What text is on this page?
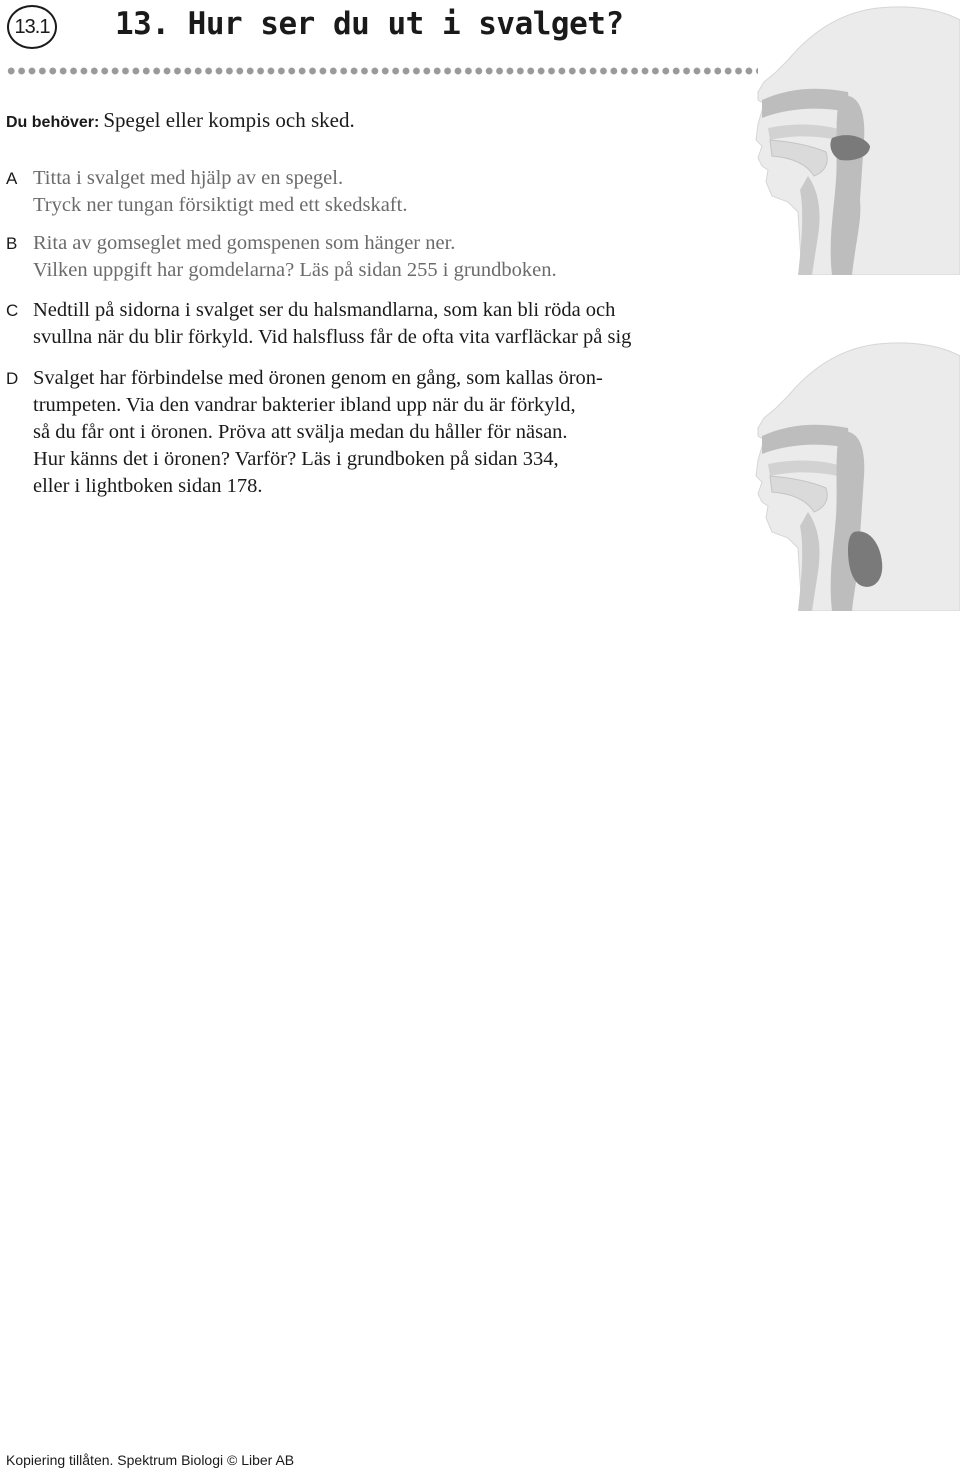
13.1 13. Hur ser du ut i svalget?
Du behöver: Spegel eller kompis och sked.
A Titta i svalget med hjälp av en spegel.
Tryck ner tungan försiktigt med ett skedskaft.
B Rita av gomseglet med gomspenen som hänger ner.
Vilken uppgift har gomdelarna? Läs på sidan 255 i grundboken.
C Nedtill på sidorna i svalget ser du halsmandlarna, som kan bli röda och
svullna när du blir förkyld. Vid halsfluss får de ofta vita varfläckar på sig
D Svalget har förbindelse med öronen genom en gång, som kallas öron-
trumpeten. Via den vandrar bakterier ibland upp när du är förkyld,
så du får ont i öronen. Pröva att svälja medan du håller för näsan.
Hur känns det i öronen? Varför? Läs i grundboken på sidan 334,
eller i lightboken sidan 178.
Kopiering tillåten. Spektrum Biologi © Liber AB
